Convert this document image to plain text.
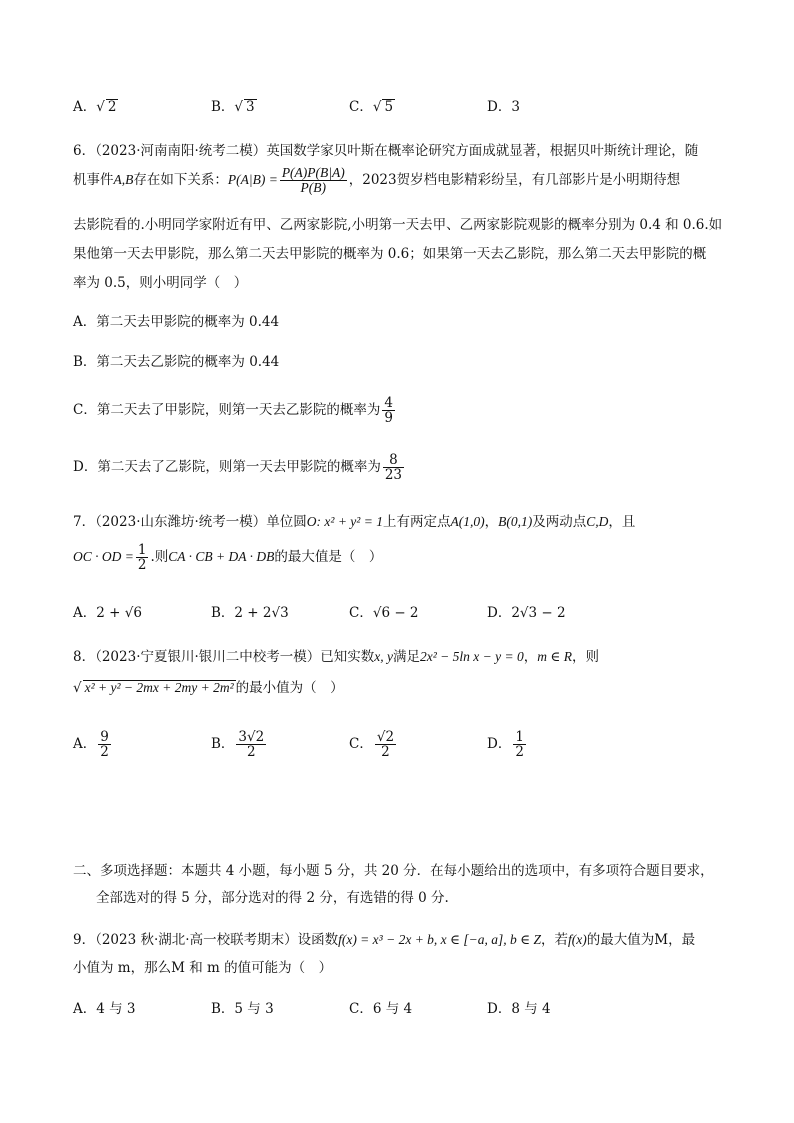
A．√ 2	B．√ 3	C．√ 5	D．3
6．（2023·河南南阳·统考二模）英国数学家贝叶斯在概率论研究方面成就显著，根据贝叶斯统计理论，随
机事件A,B存在如下关系：$P(A|B) = \frac{P(A)P(B|A)}{P(B)}$ ，2023贺岁档电影精彩纷呈，有几部影片是小明期待想
去影院看的.小明同学家附近有甲、乙两家影院,小明第一天去甲、乙两家影院观影的概率分别为 0.4 和 0.6.如
果他第一天去甲影院，那么第二天去甲影院的概率为 0.6；如果第一天去乙影院，那么第二天去甲影院的概
率为 0.5，则小明同学（　）
A．第二天去甲影院的概率为 0.44
B．第二天去乙影院的概率为 0.44
C．第二天去了甲影院，则第一天去乙影院的概率为 $\frac{4}{9}$
D．第二天去了乙影院，则第一天去甲影院的概率为 $\frac{8}{23}$
7．（2023·山东潍坊·统考一模）单位圆O: x² + y² = 1上有两定点A(1,0)，B(0,1)及两动点C,D，且
OC · OD = $\frac{1}{2}$ .则CA · CB + DA · DB的最大值是（　）
A．2 + √6	B．2 + 2√3	C．√6 − 2	D．2√3 − 2
8．（2023·宁夏银川·银川二中校考一模）已知实数x, y满足2x² − 5ln x − y = 0，m ∈ R，则
√ x² + y² − 2mx + 2my + 2m² 的最小值为（　）
A． $\frac{9}{2}$	B． $\frac{3√2}{2}$	C． $\frac{√2}{2}$	D． $\frac{1}{2}$
二、多项选择题：本题共 4 小题，每小题 5 分，共 20 分．在每小题给出的选项中，有多项符合题目要求，
全部选对的得 5 分，部分选对的得 2 分，有选错的得 0 分.
9．（2023 秋·湖北·高一校联考期末）设函数f(x) = x³ − 2x + b, x ∈ [−a, a], b ∈ Z，若f(x)的最大值为M，最
小值为 m，那么M 和 m 的值可能为（　）
A．4 与 3	B．5 与 3	C．6 与 4	D．8 与 4
